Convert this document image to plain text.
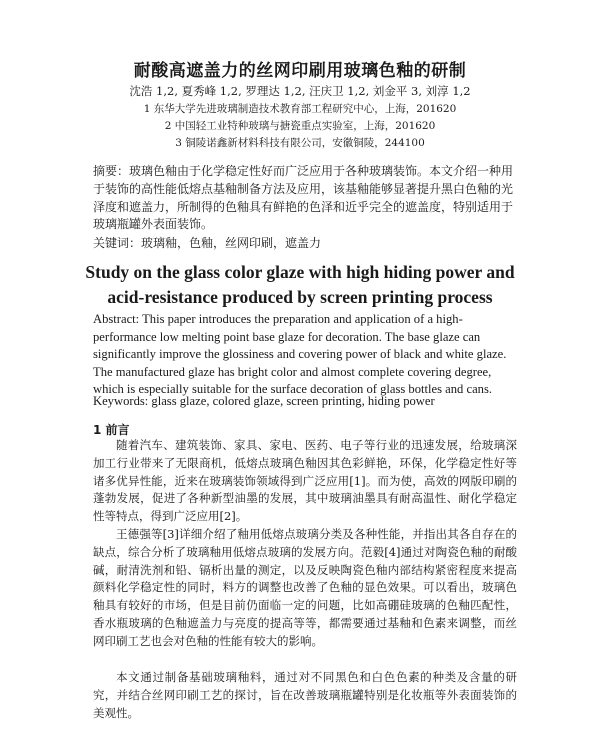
耐酸高遮盖力的丝网印刷用玻璃色釉的研制
沈浩 1,2, 夏秀峰 1,2, 罗理达 1,2, 汪庆卫 1,2, 刘金平 3, 刘淳 1,2
1 东华大学先进玻璃制造技术教育部工程研究中心，上海，201620
2 中国轻工业特种玻璃与搪瓷重点实验室，上海，201620
3 铜陵诺鑫新材料科技有限公司，安徽铜陵，244100
摘要：玻璃色釉由于化学稳定性好而广泛应用于各种玻璃装饰。本文介绍一种用于装饰的高性能低熔点基釉制备方法及应用，该基釉能够显著提升黑白色釉的光泽度和遮盖力，所制得的色釉具有鲜艳的色泽和近乎完全的遮盖度，特别适用于玻璃瓶罐外表面装饰。
关键词：玻璃釉，色釉，丝网印刷，遮盖力
Study on the glass color glaze with high hiding power and
acid-resistance produced by screen printing process
Abstract: This paper introduces the preparation and application of a high-performance low melting point base glaze for decoration. The base glaze can significantly improve the glossiness and covering power of black and white glaze. The manufactured glaze has bright color and almost complete covering degree, which is especially suitable for the surface decoration of glass bottles and cans.
Keywords: glass glaze, colored glaze, screen printing, hiding power
1 前言
随着汽车、建筑装饰、家具、家电、医药、电子等行业的迅速发展，给玻璃深加工行业带来了无限商机，低熔点玻璃色釉因其色彩鲜艳，环保，化学稳定性好等诸多优异性能，近来在玻璃装饰领域得到广泛应用[1]。而为使，高效的网版印刷的蓬勃发展，促进了各种新型油墨的发展，其中玻璃油墨具有耐高温性、耐化学稳定性等特点，得到广泛应用[2]。
王德强等[3]详细介绍了釉用低熔点玻璃分类及各种性能，并指出其各自存在的缺点，综合分析了玻璃釉用低熔点玻璃的发展方向。范毅[4]通过对陶瓷色釉的耐酸碱，耐清洗剂和铅、镉析出量的测定，以及反映陶瓷色釉内部结构紧密程度来提高颜料化学稳定性的同时，料方的调整也改善了色釉的显色效果。可以看出，玻璃色釉具有较好的市场，但是目前仍面临一定的问题，比如高硼硅玻璃的色釉匹配性，香水瓶玻璃的色釉遮盖力与亮度的提高等等，都需要通过基釉和色素来调整，而丝网印刷工艺也会对色釉的性能有较大的影响。
本文通过制备基础玻璃釉料，通过对不同黑色和白色色素的种类及含量的研究，并结合丝网印刷工艺的探讨，旨在改善玻璃瓶罐特别是化妆瓶等外表面装饰的美观性。
